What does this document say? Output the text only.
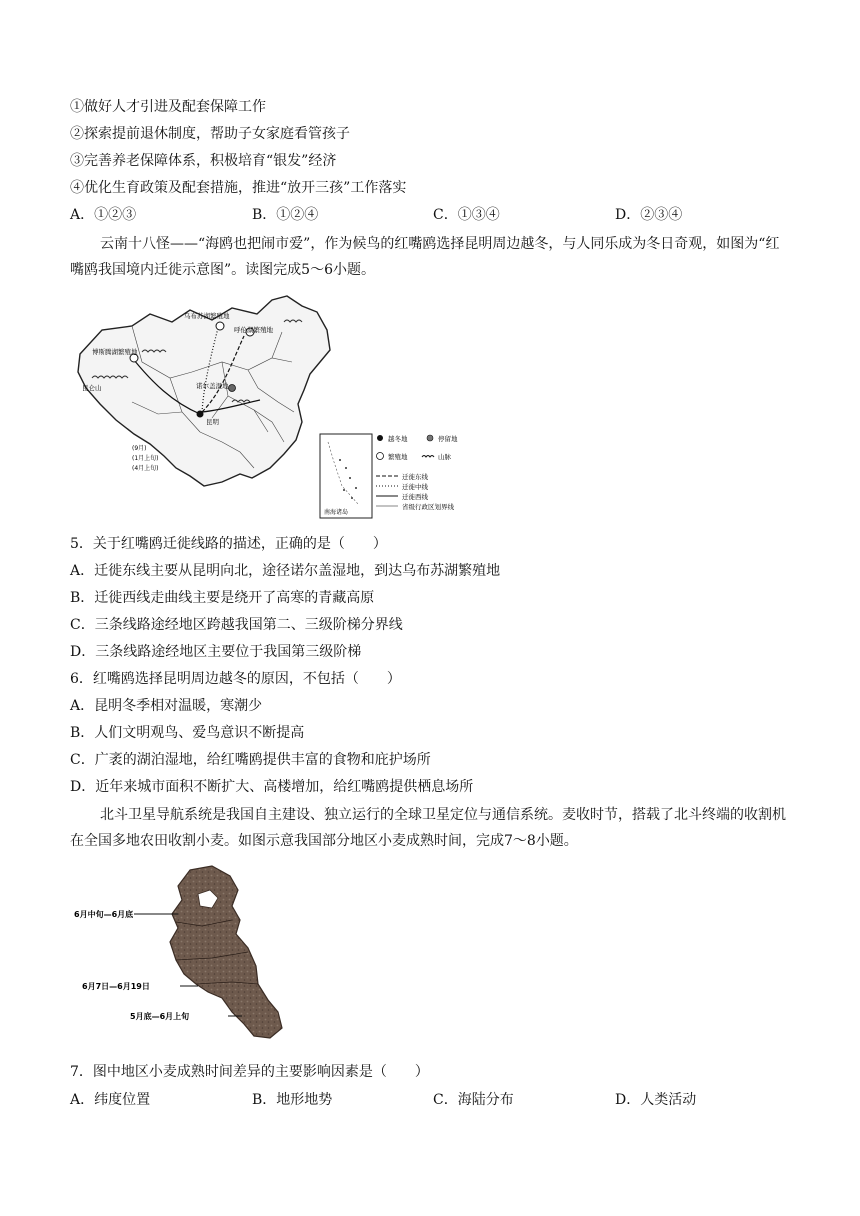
①做好人才引进及配套保障工作
②探索提前退休制度，帮助子女家庭看管孩子
③完善养老保障体系，积极培育“银发”经济
④优化生育政策及配套措施，推进“放开三孩”工作落实
A．①②③	B．①②④	C．①③④	D．②③④
云南十八怪——“海鸥也把闹市爱”，作为候鸟的红嘴鸥选择昆明周边越冬，与人同乐成为冬日奇观，如图为“红嘴鸥我国境内迁徙示意图”。读图完成5～6小题。
乌布苏湖繁殖地
呼伦湖繁殖地
博斯腾湖繁殖地
昆仑山	诺尔盖湿地
昆明
(9月)
(1月上旬)
(4月上旬)
南海诸岛
越冬地	停留地
繁殖地	山脉
迁徙东线
迁徙中线
迁徙西线
省级行政区划界线
5．关于红嘴鸥迁徙线路的描述，正确的是（　　）
A．迁徙东线主要从昆明向北，途径诺尔盖湿地，到达乌布苏湖繁殖地
B．迁徙西线走曲线主要是绕开了高寒的青藏高原
C．三条线路途经地区跨越我国第二、三级阶梯分界线
D．三条线路途经地区主要位于我国第三级阶梯
6．红嘴鸥选择昆明周边越冬的原因，不包括（　　）
A．昆明冬季相对温暖，寒潮少
B．人们文明观鸟、爱鸟意识不断提高
C．广袤的湖泊湿地，给红嘴鸥提供丰富的食物和庇护场所
D．近年来城市面积不断扩大、高楼增加，给红嘴鸥提供栖息场所
北斗卫星导航系统是我国自主建设、独立运行的全球卫星定位与通信系统。麦收时节，搭载了北斗终端的收割机在全国多地农田收割小麦。如图示意我国部分地区小麦成熟时间，完成7～8小题。
6月中旬—6月底
6月7日—6月19日
5月底—6月上旬
7．图中地区小麦成熟时间差异的主要影响因素是（　　）
A．纬度位置	B．地形地势	C．海陆分布	D．人类活动
